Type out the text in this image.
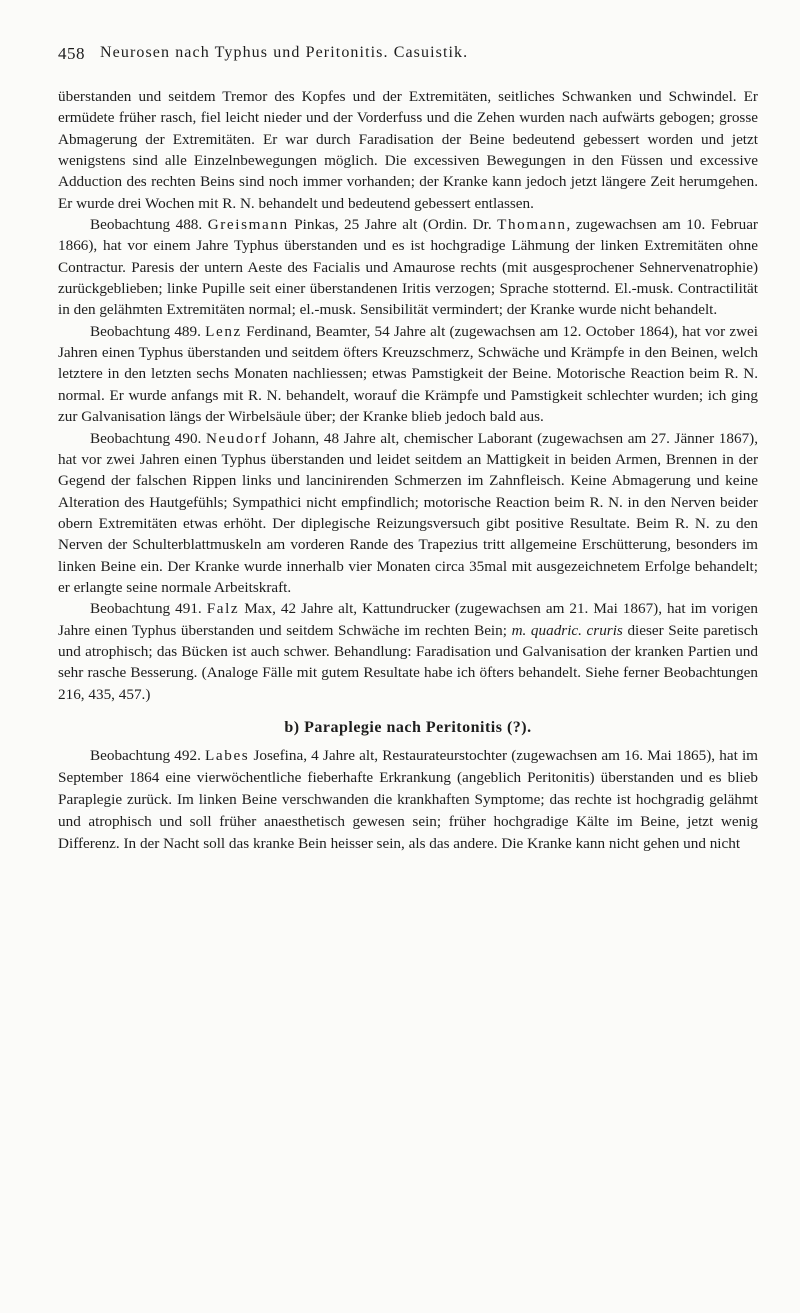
458 Neurosen nach Typhus und Peritonitis. Casuistik.

überstanden und seitdem Tremor des Kopfes und der Extremitäten, seitliches Schwanken und Schwindel. Er ermüdete früher rasch, fiel leicht nieder und der Vorderfuss und die Zehen wurden nach aufwärts gebogen; grosse Abmagerung der Extremitäten. Er war durch Faradisation der Beine bedeutend gebessert worden und jetzt wenigstens sind alle Einzelnbewegungen möglich. Die excessiven Bewegungen in den Füssen und excessive Adduction des rechten Beins sind noch immer vorhanden; der Kranke kann jedoch jetzt längere Zeit herumgehen. Er wurde drei Wochen mit R. N. behandelt und bedeutend gebessert entlassen.

Beobachtung 488. Greismann Pinkas, 25 Jahre alt (Ordin. Dr. Thomann, zugewachsen am 10. Februar 1866), hat vor einem Jahre Typhus überstanden und es ist hochgradige Lähmung der linken Extremitäten ohne Contractur. Paresis der untern Aeste des Facialis und Amaurose rechts (mit ausgesprochener Sehnervenatrophie) zurückgeblieben; linke Pupille seit einer überstandenen Iritis verzogen; Sprache stotternd. El.-musk. Contractilität in den gelähmten Extremitäten normal; el.-musk. Sensibilität vermindert; der Kranke wurde nicht behandelt.

Beobachtung 489. Lenz Ferdinand, Beamter, 54 Jahre alt (zugewachsen am 12. October 1864), hat vor zwei Jahren einen Typhus überstanden und seitdem öfters Kreuzschmerz, Schwäche und Krämpfe in den Beinen, welch letztere in den letzten sechs Monaten nachliessen; etwas Pamstigkeit der Beine. Motorische Reaction beim R. N. normal. Er wurde anfangs mit R. N. behandelt, worauf die Krämpfe und Pamstigkeit schlechter wurden; ich ging zur Galvanisation längs der Wirbelsäule über; der Kranke blieb jedoch bald aus.

Beobachtung 490. Neudorf Johann, 48 Jahre alt, chemischer Laborant (zugewachsen am 27. Jänner 1867), hat vor zwei Jahren einen Typhus überstanden und leidet seitdem an Mattigkeit in beiden Armen, Brennen in der Gegend der falschen Rippen links und lancinirenden Schmerzen im Zahnfleisch. Keine Abmagerung und keine Alteration des Hautgefühls; Sympathici nicht empfindlich; motorische Reaction beim R. N. in den Nerven beider obern Extremitäten etwas erhöht. Der diplegische Reizungsversuch gibt positive Resultate. Beim R. N. zu den Nerven der Schulterblattmuskeln am vorderen Rande des Trapezius tritt allgemeine Erschütterung, besonders im linken Beine ein. Der Kranke wurde innerhalb vier Monaten circa 35mal mit ausgezeichnetem Erfolge behandelt; er erlangte seine normale Arbeitskraft.

Beobachtung 491. Falz Max, 42 Jahre alt, Kattundrucker (zugewachsen am 21. Mai 1867), hat im vorigen Jahre einen Typhus überstanden und seitdem Schwäche im rechten Bein; m. quadric. cruris dieser Seite paretisch und atrophisch; das Bücken ist auch schwer. Behandlung: Faradisation und Galvanisation der kranken Partien und sehr rasche Besserung. (Analoge Fälle mit gutem Resultate habe ich öfters behandelt. Siehe ferner Beobachtungen 216, 435, 457.)

b) Paraplegie nach Peritonitis (?).

Beobachtung 492. Labes Josefina, 4 Jahre alt, Restaurateurstochter (zugewachsen am 16. Mai 1865), hat im September 1864 eine vierwöchentliche fieberhafte Erkrankung (angeblich Peritonitis) überstanden und es blieb Paraplegie zurück. Im linken Beine verschwanden die krankhaften Symptome; das rechte ist hochgradig gelähmt und atrophisch und soll früher anaesthetisch gewesen sein; früher hochgradige Kälte im Beine, jetzt wenig Differenz. In der Nacht soll das kranke Bein heisser sein, als das andere. Die Kranke kann nicht gehen und nicht
